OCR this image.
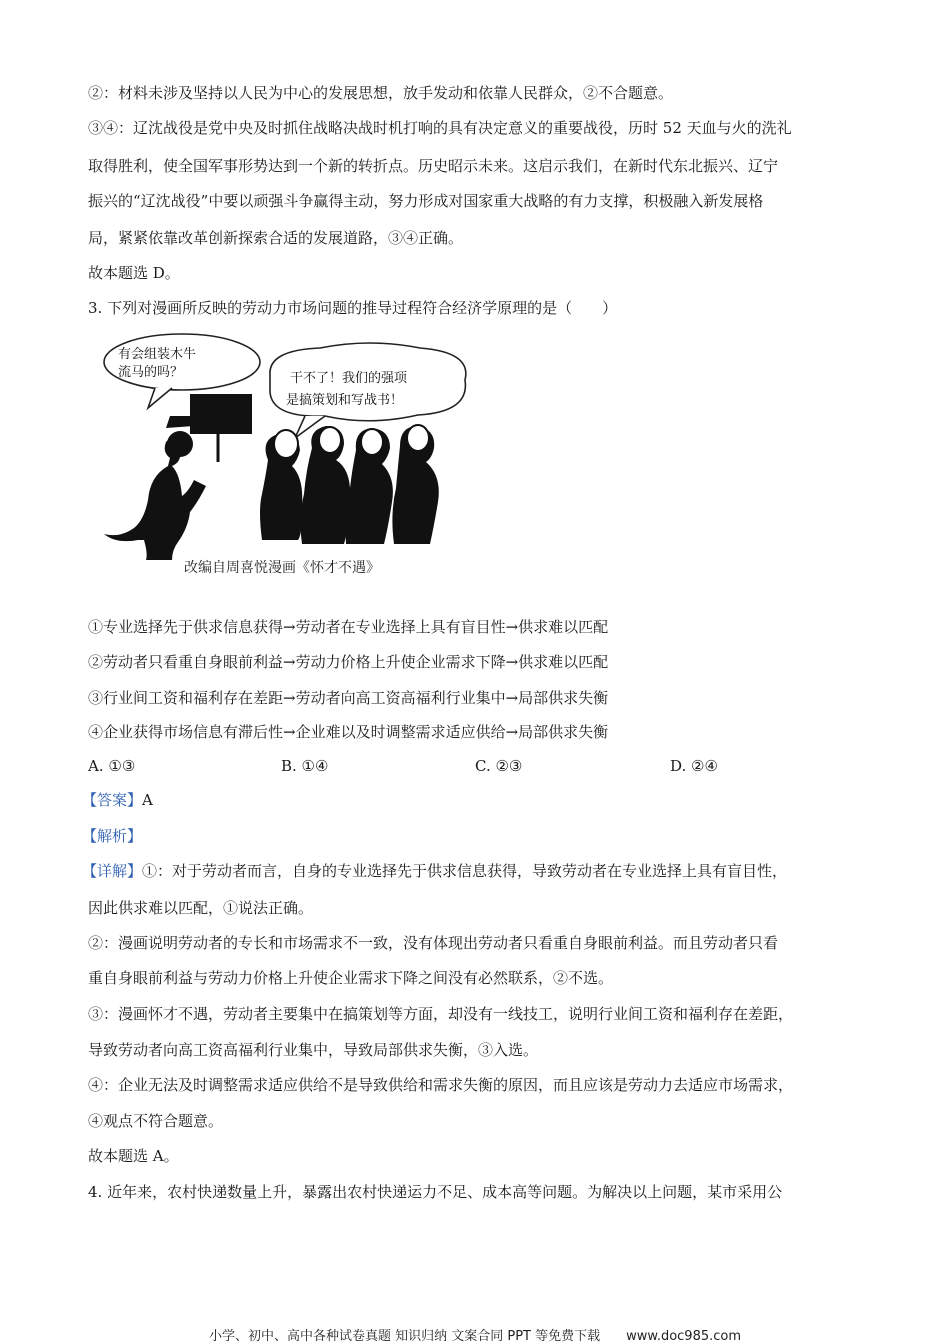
②：材料未涉及坚持以人民为中心的发展思想，放手发动和依靠人民群众，②不合题意。
③④：辽沈战役是党中央及时抓住战略决战时机打响的具有决定意义的重要战役，历时 52 天血与火的洗礼
取得胜利，使全国军事形势达到一个新的转折点。历史昭示未来。这启示我们，在新时代东北振兴、辽宁
振兴的“辽沈战役”中要以顽强斗争赢得主动，努力形成对国家重大战略的有力支撑，积极融入新发展格
局，紧紧依靠改革创新探索合适的发展道路，③④正确。
故本题选 D。
3. 下列对漫画所反映的劳动力市场问题的推导过程符合经济学原理的是（　　）
有会组装木牛
流马的吗？	干不了！我们的强项
是搞策划和写战书！
改编自周喜悦漫画《怀才不遇》
①专业选择先于供求信息获得→劳动者在专业选择上具有盲目性→供求难以匹配
②劳动者只看重自身眼前利益→劳动力价格上升使企业需求下降→供求难以匹配
③行业间工资和福利存在差距→劳动者向高工资高福利行业集中→局部供求失衡
④企业获得市场信息有滞后性→企业难以及时调整需求适应供给→局部供求失衡
A. ①③	B. ①④	C. ②③	D. ②④
【答案】A
【解析】
【详解】①：对于劳动者而言，自身的专业选择先于供求信息获得，导致劳动者在专业选择上具有盲目性，
因此供求难以匹配，①说法正确。
②：漫画说明劳动者的专长和市场需求不一致，没有体现出劳动者只看重自身眼前利益。而且劳动者只看
重自身眼前利益与劳动力价格上升使企业需求下降之间没有必然联系，②不选。
③：漫画怀才不遇，劳动者主要集中在搞策划等方面，却没有一线技工，说明行业间工资和福利存在差距，
导致劳动者向高工资高福利行业集中，导致局部供求失衡，③入选。
④：企业无法及时调整需求适应供给不是导致供给和需求失衡的原因，而且应该是劳动力去适应市场需求，
④观点不符合题意。
故本题选 A。
4. 近年来，农村快递数量上升，暴露出农村快递运力不足、成本高等问题。为解决以上问题，某市采用公
小学、初中、高中各种试卷真题 知识归纳 文案合同 PPT 等免费下载　　www.doc985.com
